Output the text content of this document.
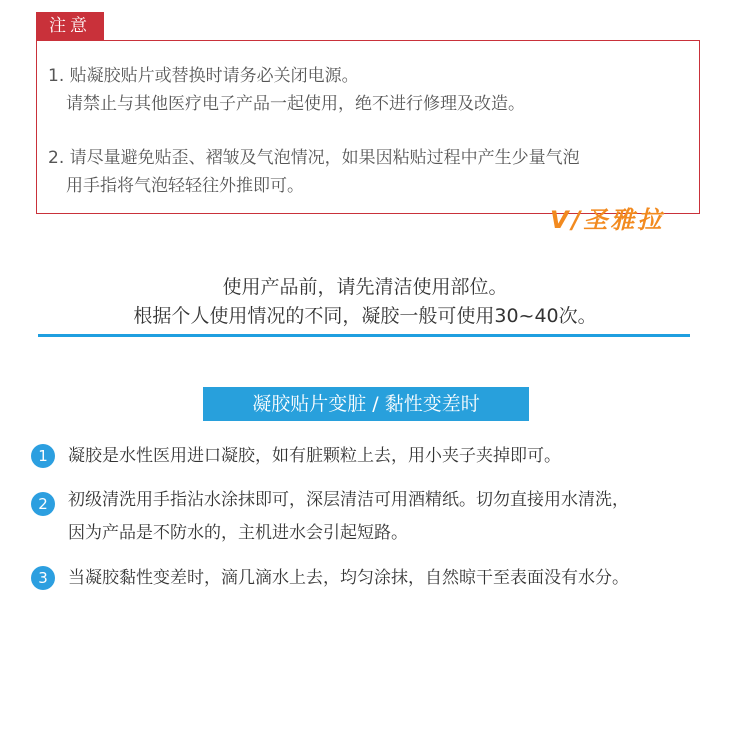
注意
1. 贴凝胶贴片或替换时请务必关闭电源。
请禁止与其他医疗电子产品一起使用，绝不进行修理及改造。
2. 请尽量避免贴歪、褶皱及气泡情况，如果因粘贴过程中产生少量气泡
用手指将气泡轻轻往外推即可。
V/圣雅拉
使用产品前，请先清洁使用部位。
根据个人使用情况的不同，凝胶一般可使用30~40次。
凝胶贴片变脏 / 黏性变差时
1	凝胶是水性医用进口凝胶，如有脏颗粒上去，用小夹子夹掉即可。
2	初级清洗用手指沾水涂抹即可，深层清洁可用酒精纸。切勿直接用水清洗，
因为产品是不防水的，主机进水会引起短路。
3	当凝胶黏性变差时，滴几滴水上去，均匀涂抹，自然晾干至表面没有水分。
